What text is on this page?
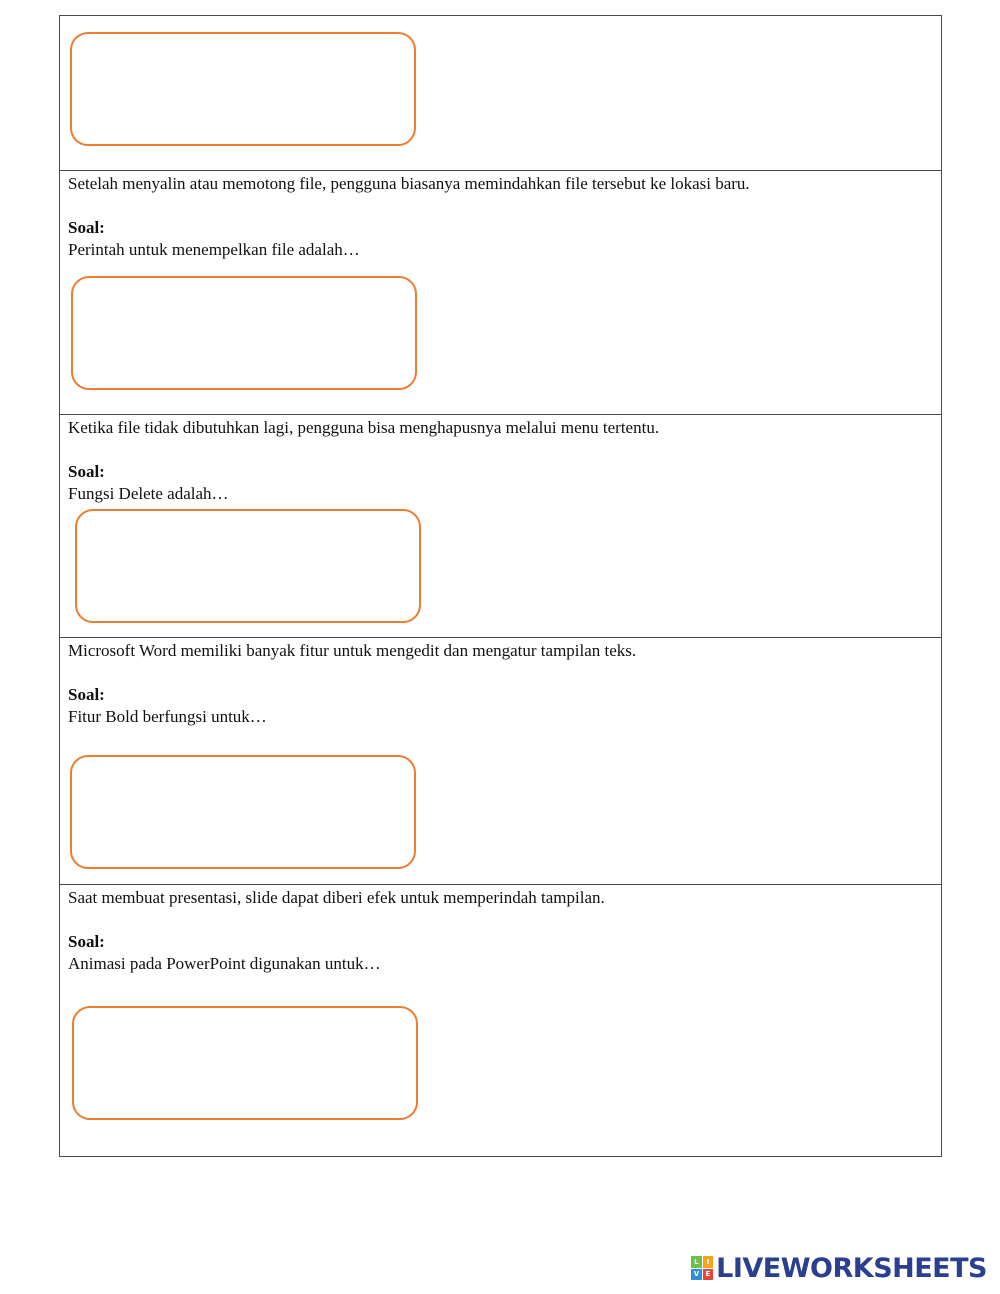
Setelah menyalin atau memotong file, pengguna biasanya memindahkan file tersebut ke lokasi baru.

Soal:

Perintah untuk menempelkan file adalah…

Ketika file tidak dibutuhkan lagi, pengguna bisa menghapusnya melalui menu tertentu.

Soal:

Fungsi Delete adalah…

Microsoft Word memiliki banyak fitur untuk mengedit dan mengatur tampilan teks.

Soal:

Fitur Bold berfungsi untuk…

Saat membuat presentasi, slide dapat diberi efek untuk memperindah tampilan.

Soal:

Animasi pada PowerPoint digunakan untuk…

L	I
V E LIVEWORKSHEETS
